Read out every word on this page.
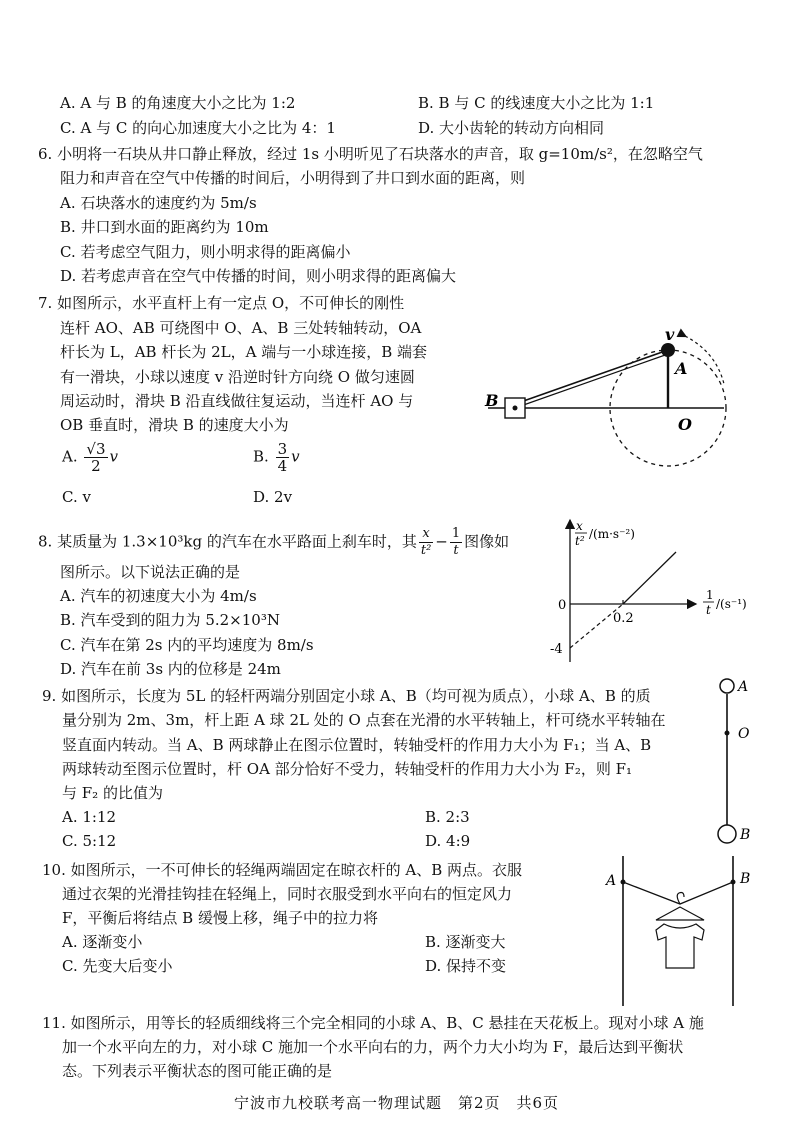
A. A 与 B 的角速度大小之比为 1:2	B. B 与 C 的线速度大小之比为 1:1
C. A 与 C 的向心加速度大小之比为 4：1	D. 大小齿轮的转动方向相同
6. 小明将一石块从井口静止释放，经过 1s 小明听见了石块落水的声音，取 g=10m/s²，在忽略空气
阻力和声音在空气中传播的时间后，小明得到了井口到水面的距离，则
A. 石块落水的速度约为 5m/s
B. 井口到水面的距离约为 10m
C. 若考虑空气阻力，则小明求得的距离偏小
D. 若考虑声音在空气中传播的时间，则小明求得的距离偏大
7. 如图所示，水平直杆上有一定点 O，不可伸长的刚性
连杆 AO、AB 可绕图中 O、A、B 三处转轴转动，OA
杆长为 L，AB 杆长为 2L，A 端与一小球连接，B 端套
有一滑块，小球以速度 v 沿逆时针方向绕 O 做匀速圆
周运动时，滑块 B 沿直线做往复运动，当连杆 AO 与
OB 垂直时，滑块 B 的速度大小为
A. $\frac{√3}{2}$ v	B. $\frac{3}{4}$ v
C. v	D. 2v
v
A
B
O
8. 某质量为 1.3×10³kg 的汽车在水平路面上刹车时，其 $\frac{x}{\text{t²}} - \frac{1}{t}$ 图像如
图所示。以下说法正确的是
A. 汽车的初速度大小为 4m/s
B. 汽车受到的阻力为 5.2×10³N
C. 汽车在第 2s 内的平均速度为 8m/s
D. 汽车在前 3s 内的位移是 24m
0
0.2
-4
x
t² /(m·s⁻²)
1
t /(s⁻¹)
9. 如图所示，长度为 5L 的轻杆两端分别固定小球 A、B（均可视为质点），小球 A、B 的质
量分别为 2m、3m，杆上距 A 球 2L 处的 O 点套在光滑的水平转轴上，杆可绕水平转轴在
竖直面内转动。当 A、B 两球静止在图示位置时，转轴受杆的作用力大小为 F₁；当 A、B
两球转动至图示位置时，杆 OA 部分恰好不受力，转轴受杆的作用力大小为 F₂，则 F₁
与 F₂ 的比值为
A. 1:12	B. 2:3
C. 5:12	D. 4:9
A
O
B
10. 如图所示，一不可伸长的轻绳两端固定在晾衣杆的 A、B 两点。衣服
通过衣架的光滑挂钩挂在轻绳上，同时衣服受到水平向右的恒定风力
F，平衡后将结点 B 缓慢上移，绳子中的拉力将
A. 逐渐变小	B. 逐渐变大
C. 先变大后变小	D. 保持不变
A	B
11. 如图所示，用等长的轻质细线将三个完全相同的小球 A、B、C 悬挂在天花板上。现对小球 A 施
加一个水平向左的力，对小球 C 施加一个水平向右的力，两个力大小均为 F，最后达到平衡状
态。下列表示平衡状态的图可能正确的是
宁波市九校联考高一物理试题　第2页　共6页
